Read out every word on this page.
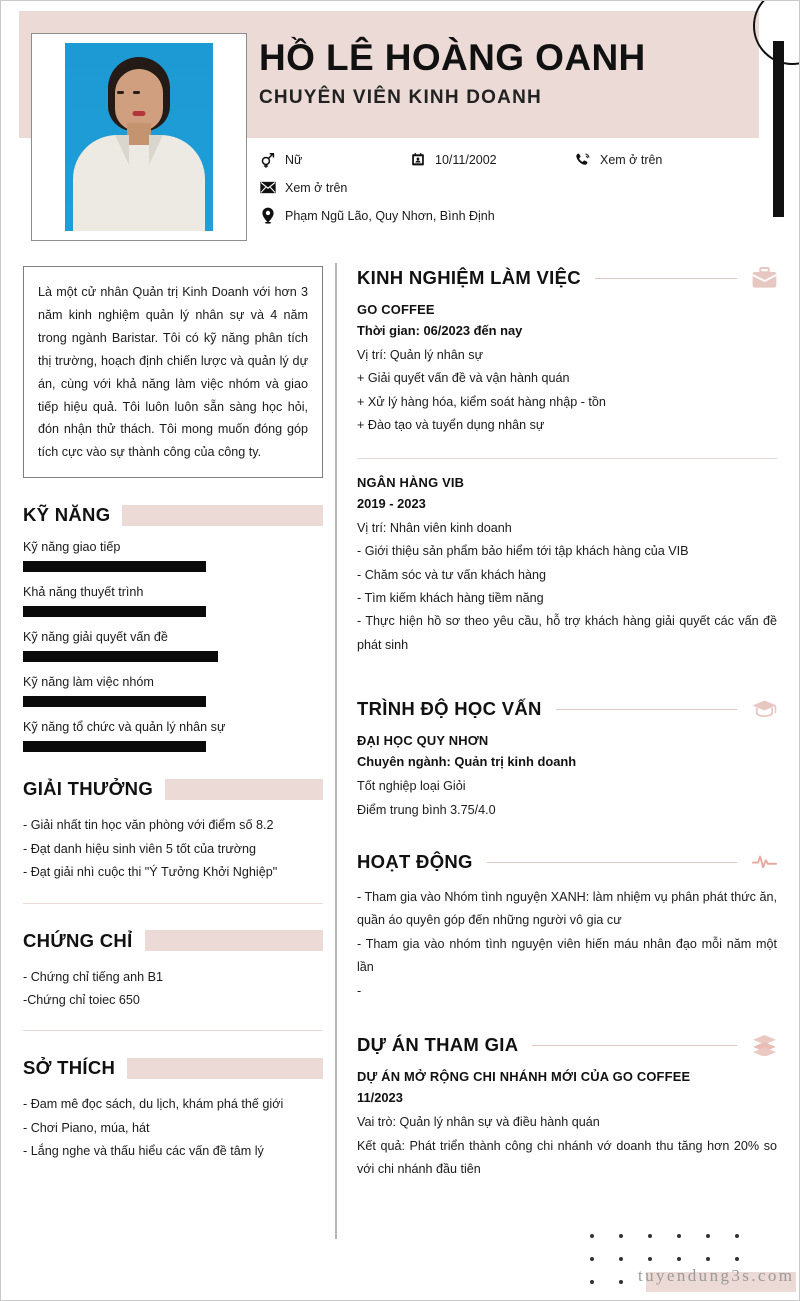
HỒ LÊ HOÀNG OANH
CHUYÊN VIÊN KINH DOANH
Nữ	10/11/2002	Xem ở trên
Xem ở trên
Phạm Ngũ Lão, Quy Nhơn, Bình Định
Là một cử nhân Quản trị Kinh Doanh với hơn 3 năm kinh nghiệm quản lý nhân sự và 4 năm trong ngành Baristar. Tôi có kỹ năng phân tích thị trường, hoạch định chiến lược và quản lý dự án, cùng với khả năng làm việc nhóm và giao tiếp hiệu quả. Tôi luôn luôn sẵn sàng học hỏi, đón nhận thử thách. Tôi mong muốn đóng góp tích cực vào sự thành công của công ty.
KỸ NĂNG
Kỹ năng giao tiếp
Khả năng thuyết trình
Kỹ năng giải quyết vấn đề
Kỹ năng làm việc nhóm
Kỹ năng tổ chức và quản lý nhân sự
GIẢI THƯỞNG
- Giải nhất tin học văn phòng với điểm số 8.2
- Đạt danh hiệu sinh viên 5 tốt của trường
- Đạt giải nhì cuộc thi "Ý Tưởng Khởi Nghiệp"
CHỨNG CHỈ
- Chứng chỉ tiếng anh B1
-Chứng chỉ toiec 650
SỞ THÍCH
- Đam mê đọc sách, du lịch, khám phá thế giới
- Chơi Piano, múa, hát
- Lắng nghe và thấu hiểu các vấn đề tâm lý
KINH NGHIỆM LÀM VIỆC

GO COFFEE

Thời gian: 06/2023 đến nay

Vị trí: Quản lý nhân sự

+ Giải quyết vấn đề và vận hành quán

+ Xử lý hàng hóa, kiểm soát hàng nhập - tồn

+ Đào tạo và tuyển dụng nhân sự

NGÂN HÀNG VIB

2019 - 2023

Vị trí: Nhân viên kinh doanh

- Giới thiệu sản phẩm bảo hiểm tới tập khách hàng của VIB

- Chăm sóc và tư vấn khách hàng

- Tìm kiếm khách hàng tiềm năng

- Thực hiện hồ sơ theo yêu cầu, hỗ trợ khách hàng giải quyết các vấn đề phát sinh

TRÌNH ĐỘ HỌC VẤN

ĐẠI HỌC QUY NHƠN

Chuyên ngành: Quản trị kinh doanh

Tốt nghiệp loại Giỏi

Điểm trung bình 3.75/4.0

HOẠT ĐỘNG

- Tham gia vào Nhóm tình nguyện XANH: làm nhiệm vụ phân phát thức ăn, quần áo quyên góp đến những người vô gia cư

- Tham gia vào nhóm tình nguyện viên hiến máu nhân đạo mỗi năm một lần

-

DỰ ÁN THAM GIA

DỰ ÁN MỞ RỘNG CHI NHÁNH MỚI CỦA GO COFFEE

11/2023

Vai trò: Quản lý nhân sự và điều hành quán

Kết quả: Phát triển thành công chi nhánh vớ doanh thu tăng hơn 20% so với chi nhánh đầu tiên

tuyendung3s.com
